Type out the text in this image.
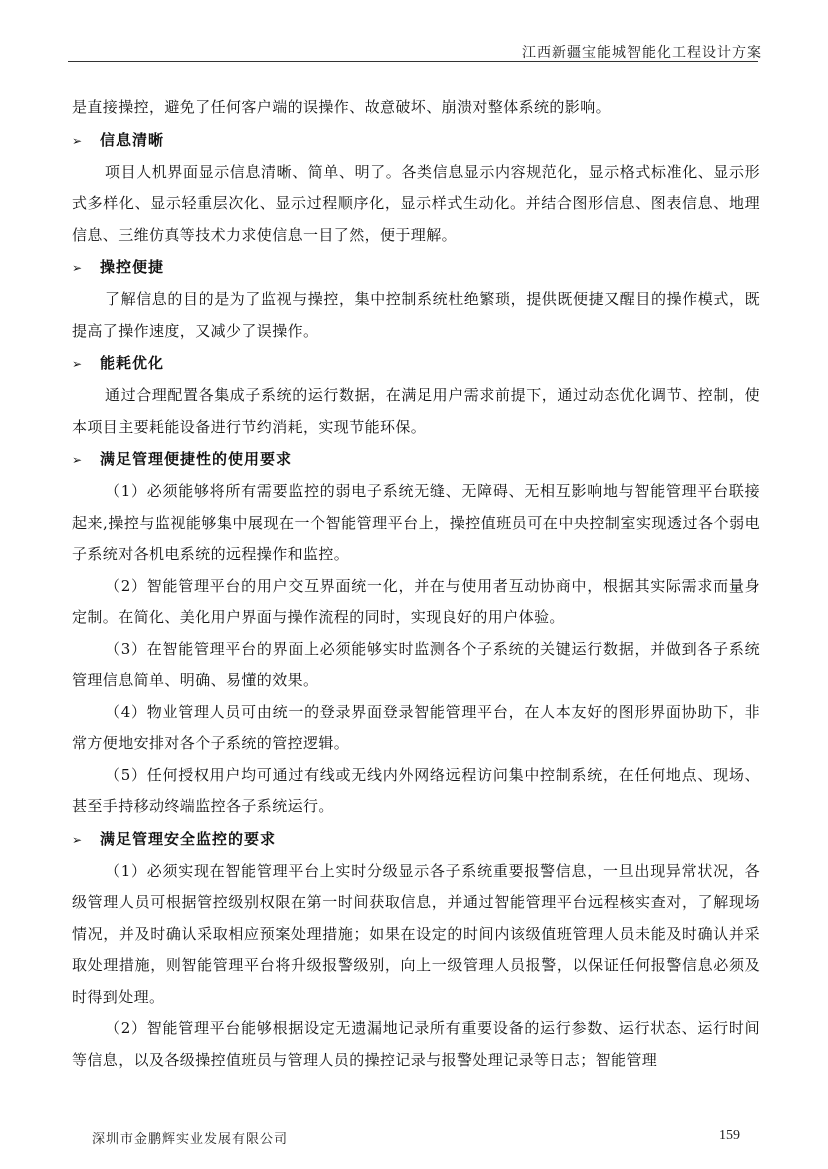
江西新疆宝能城智能化工程设计方案

是直接操控，避免了任何客户端的误操作、故意破坏、崩溃对整体系统的影响。

➢ 信息清晰

项目人机界面显示信息清晰、简单、明了。各类信息显示内容规范化，显示格式标准化、显示形式多样化、显示轻重层次化、显示过程顺序化，显示样式生动化。并结合图形信息、图表信息、地理信息、三维仿真等技术力求使信息一目了然，便于理解。

➢ 操控便捷

了解信息的目的是为了监视与操控，集中控制系统杜绝繁琐，提供既便捷又醒目的操作模式，既提高了操作速度，又减少了误操作。

➢ 能耗优化

通过合理配置各集成子系统的运行数据，在满足用户需求前提下，通过动态优化调节、控制，使本项目主要耗能设备进行节约消耗，实现节能环保。

➢ 满足管理便捷性的使用要求

（1）必须能够将所有需要监控的弱电子系统无缝、无障碍、无相互影响地与智能管理平台联接起来,操控与监视能够集中展现在一个智能管理平台上，操控值班员可在中央控制室实现透过各个弱电子系统对各机电系统的远程操作和监控。

（2）智能管理平台的用户交互界面统一化，并在与使用者互动协商中，根据其实际需求而量身定制。在简化、美化用户界面与操作流程的同时，实现良好的用户体验。

（3）在智能管理平台的界面上必须能够实时监测各个子系统的关键运行数据，并做到各子系统管理信息简单、明确、易懂的效果。

（4）物业管理人员可由统一的登录界面登录智能管理平台，在人本友好的图形界面协助下，非常方便地安排对各个子系统的管控逻辑。

（5）任何授权用户均可通过有线或无线内外网络远程访问集中控制系统，在任何地点、现场、甚至手持移动终端监控各子系统运行。

➢ 满足管理安全监控的要求

（1）必须实现在智能管理平台上实时分级显示各子系统重要报警信息，一旦出现异常状况，各级管理人员可根据管控级别权限在第一时间获取信息，并通过智能管理平台远程核实查对，了解现场情况，并及时确认采取相应预案处理措施；如果在设定的时间内该级值班管理人员未能及时确认并采取处理措施，则智能管理平台将升级报警级别，向上一级管理人员报警，以保证任何报警信息必须及时得到处理。

（2）智能管理平台能够根据设定无遗漏地记录所有重要设备的运行参数、运行状态、运行时间等信息，以及各级操控值班员与管理人员的操控记录与报警处理记录等日志；智能管理

深圳市金鹏辉实业发展有限公司	159
